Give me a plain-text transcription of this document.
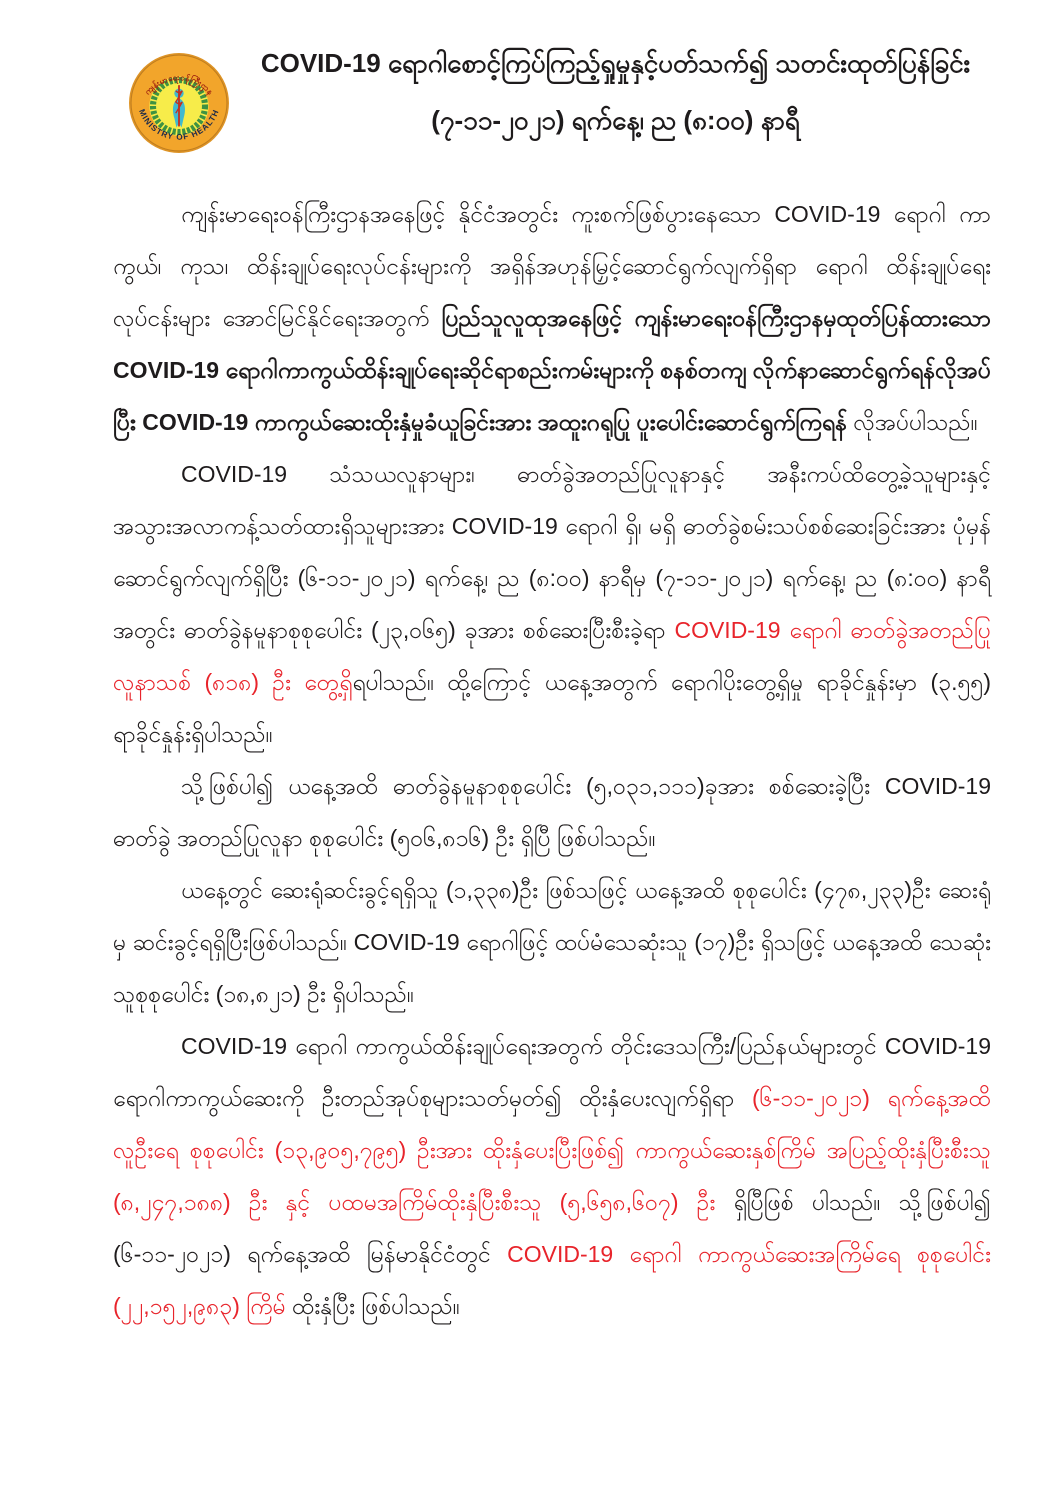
ကျန်းမာရေးဝန်ကြီးဌာန
MINISTRY OF HEALTH
COVID-19 ရောဂါစောင့်ကြပ်ကြည့်ရှုမှုနှင့်ပတ်သက်၍ သတင်းထုတ်ပြန်ခြင်း
(၇-၁၁-၂၀၂၁) ရက်နေ့၊ ည (၈:၀၀) နာရီ

ကျန်းမာရေးဝန်ကြီးဌာနအနေဖြင့် နိုင်ငံအတွင်း ကူးစက်ဖြစ်ပွားနေသော COVID-19 ရောဂါ ကာကွယ်၊ ကုသ၊ ထိန်းချုပ်ရေးလုပ်ငန်းများကို အရှိန်အဟုန်မြှင့်ဆောင်ရွက်လျက်ရှိရာ ရောဂါ ထိန်းချုပ်ရေးလုပ်ငန်းများ အောင်မြင်နိုင်ရေးအတွက် ပြည်သူလူထုအနေဖြင့် ကျန်းမာရေးဝန်ကြီးဌာနမှထုတ်ပြန်ထားသော COVID-19 ရောဂါကာကွယ်ထိန်းချုပ်ရေးဆိုင်ရာစည်းကမ်းများကို စနစ်တကျ လိုက်နာဆောင်ရွက်ရန်လိုအပ်ပြီး COVID-19 ကာကွယ်ဆေးထိုးနှံမှုခံယူခြင်းအား အထူးဂရုပြု ပူးပေါင်းဆောင်ရွက်ကြရန် လိုအပ်ပါသည်။

COVID-19 သံသယလူနာများ၊ ဓာတ်ခွဲအတည်ပြုလူနာနှင့် အနီးကပ်ထိတွေ့ခဲ့သူများနှင့် အသွားအလာကန့်သတ်ထားရှိသူများအား COVID-19 ရောဂါ ရှိ၊ မရှိ ဓာတ်ခွဲစမ်းသပ်စစ်ဆေးခြင်းအား ပုံမှန်ဆောင်ရွက်လျက်ရှိပြီး (၆-၁၁-၂၀၂၁) ရက်နေ့၊ ည (၈:၀၀) နာရီမှ (၇-၁၁-၂၀၂၁) ရက်နေ့၊ ည (၈:၀၀) နာရီအတွင်း ဓာတ်ခွဲနမူနာစုစုပေါင်း (၂၃,၀၆၅) ခုအား စစ်ဆေးပြီးစီးခဲ့ရာ COVID-19 ရောဂါ ဓာတ်ခွဲအတည်ပြုလူနာသစ် (၈၁၈) ဦး တွေ့ရှိရပါသည်။ ထို့ကြောင့် ယနေ့အတွက် ရောဂါပိုးတွေ့ရှိမှု ရာခိုင်နှုန်းမှာ (၃.၅၅) ရာခိုင်နှုန်းရှိပါသည်။

သို့ဖြစ်ပါ၍ ယနေ့အထိ ဓာတ်ခွဲနမူနာစုစုပေါင်း (၅,၀၃၁,၁၁၁)ခုအား စစ်ဆေးခဲ့ပြီး COVID-19 ဓာတ်ခွဲ အတည်ပြုလူနာ စုစုပေါင်း (၅၀၆,၈၁၆) ဦး ရှိပြီ ဖြစ်ပါသည်။

ယနေ့တွင် ဆေးရုံဆင်းခွင့်ရရှိသူ (၁,၃၃၈)ဦး ဖြစ်သဖြင့် ယနေ့အထိ စုစုပေါင်း (၄၇၈,၂၃၃)ဦး ဆေးရုံမှ ဆင်းခွင့်ရရှိပြီးဖြစ်ပါသည်။ COVID-19 ရောဂါဖြင့် ထပ်မံသေဆုံးသူ (၁၇)ဦး ရှိသဖြင့် ယနေ့အထိ သေဆုံးသူစုစုပေါင်း (၁၈,၈၂၁) ဦး ရှိပါသည်။

COVID-19 ရောဂါ ကာကွယ်ထိန်းချုပ်ရေးအတွက် တိုင်းဒေသကြီး/ပြည်နယ်များတွင် COVID-19 ရောဂါကာကွယ်ဆေးကို ဦးတည်အုပ်စုများသတ်မှတ်၍ ထိုးနှံပေးလျက်ရှိရာ (၆-၁၁-၂၀၂၁) ရက်နေ့အထိ လူဦးရေ စုစုပေါင်း (၁၃,၉၀၅,၇၉၅) ဦးအား ထိုးနှံပေးပြီးဖြစ်၍ ကာကွယ်ဆေးနှစ်ကြိမ် အပြည့်ထိုးနှံပြီးစီးသူ (၈,၂၄၇,၁၈၈) ဦး နှင့် ပထမအကြိမ်ထိုးနှံပြီးစီးသူ (၅,၆၅၈,၆၀၇) ဦး ရှိပြီဖြစ် ပါသည်။ သို့ဖြစ်ပါ၍ (၆-၁၁-၂၀၂၁) ရက်နေ့အထိ မြန်မာနိုင်ငံတွင် COVID-19 ရောဂါ ကာကွယ်ဆေးအကြိမ်ရေ စုစုပေါင်း (၂၂,၁၅၂,၉၈၃) ကြိမ် ထိုးနှံပြီး ဖြစ်ပါသည်။
